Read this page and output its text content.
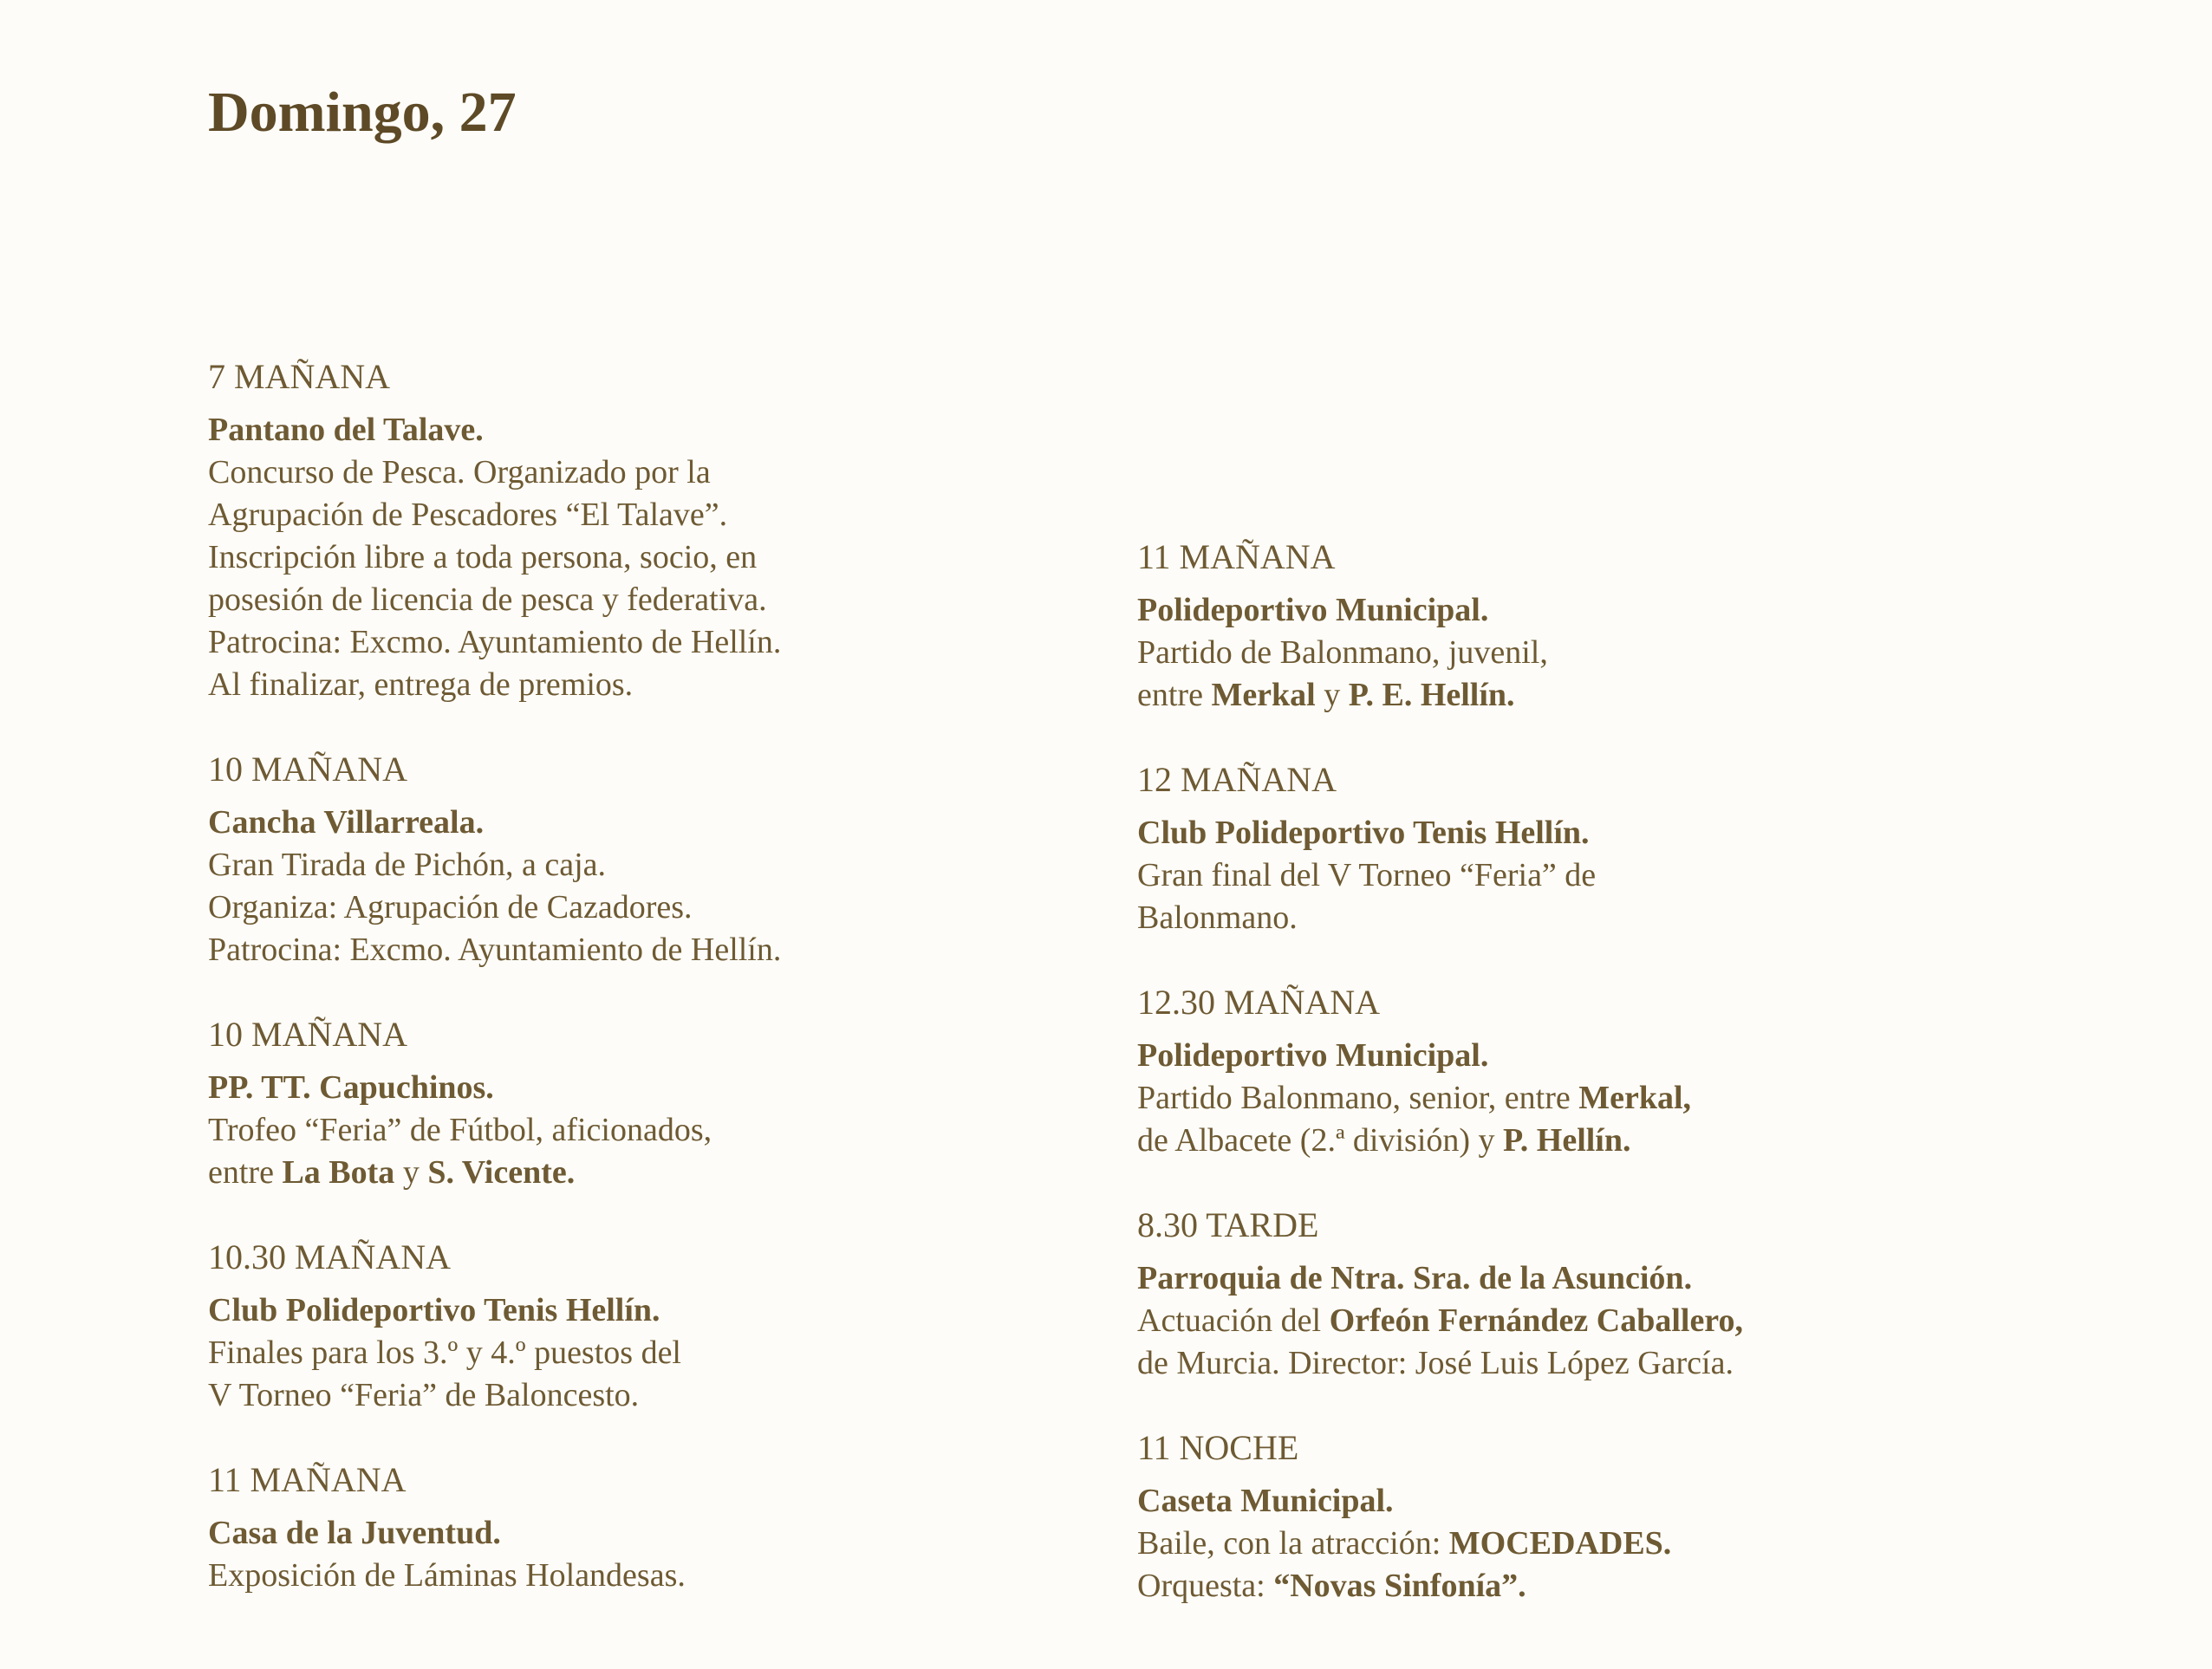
Domingo, 27
7 MAÑANA
Pantano del Talave.
Concurso de Pesca. Organizado por la
Agrupación de Pescadores “El Talave”.
Inscripción libre a toda persona, socio, en
posesión de licencia de pesca y federativa.
Patrocina: Excmo. Ayuntamiento de Hellín.
Al finalizar, entrega de premios.
10 MAÑANA
Cancha Villarreala.
Gran Tirada de Pichón, a caja.
Organiza: Agrupación de Cazadores.
Patrocina: Excmo. Ayuntamiento de Hellín.
10 MAÑANA
PP. TT. Capuchinos.
Trofeo “Feria” de Fútbol, aficionados,
entre La Bota y S. Vicente.
10.30 MAÑANA
Club Polideportivo Tenis Hellín.
Finales para los 3.º y 4.º puestos del
V Torneo “Feria” de Baloncesto.
11 MAÑANA
Casa de la Juventud.
Exposición de Láminas Holandesas.
11 MAÑANA
Polideportivo Municipal.
Partido de Balonmano, juvenil,
entre Merkal y P. E. Hellín.
12 MAÑANA
Club Polideportivo Tenis Hellín.
Gran final del V Torneo “Feria” de
Balonmano.
12.30 MAÑANA
Polideportivo Municipal.
Partido Balonmano, senior, entre Merkal,
de Albacete (2.ª división) y P. Hellín.
8.30 TARDE
Parroquia de Ntra. Sra. de la Asunción.
Actuación del Orfeón Fernández Caballero,
de Murcia. Director: José Luis López García.
11 NOCHE
Caseta Municipal.
Baile, con la atracción: MOCEDADES.
Orquesta: “Novas Sinfonía”.
